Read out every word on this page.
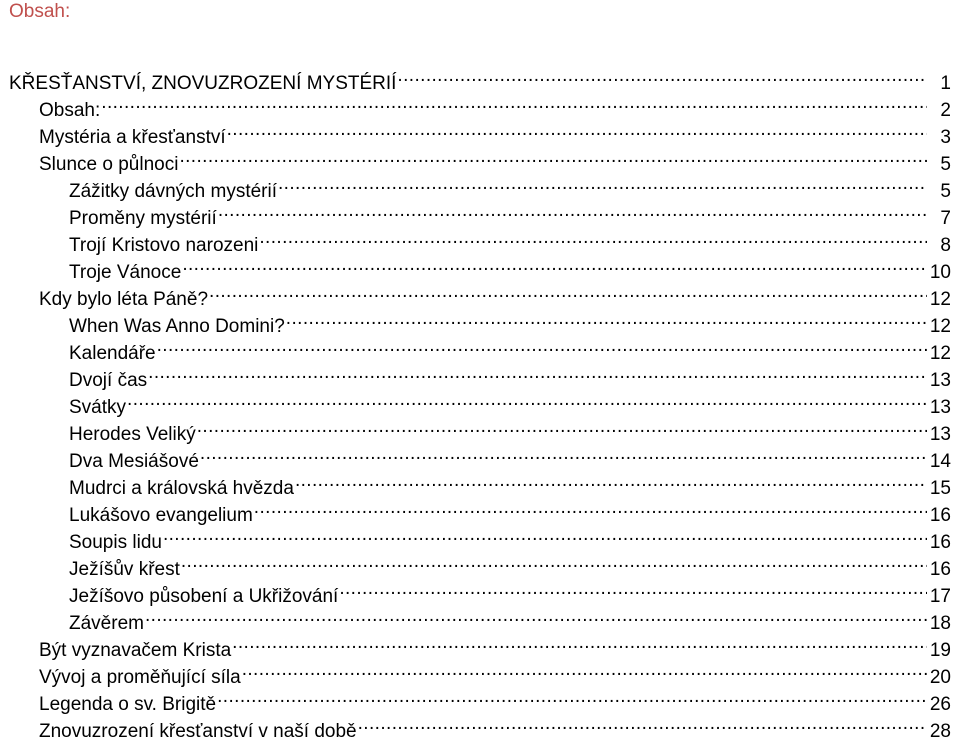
Obsah:
KŘESŤANSTVÍ, ZNOVUZROZENÍ MYSTÉRIÍ .....	1
Obsah: .....	2
Mystéria a křesťanství .....	3
Slunce o půlnoci .....	5
Zážitky dávných mystérií .....	5
Proměny mystérií .....	7
Trojí Kristovo narozeni .....	8
Troje Vánoce .....	10
Kdy bylo léta Páně? .....	12
When Was Anno Domini? .....	12
Kalendáře .....	12
Dvojí čas .....	13
Svátky .....	13
Herodes Veliký .....	13
Dva Mesiášové .....	14
Mudrci a královská hvězda .....	15
Lukášovo evangelium .....	16
Soupis lidu .....	16
Ježíšův křest .....	16
Ježíšovo působení a Ukřižování .....	17
Závěrem .....	18
Být vyznavačem Krista .....	19
Vývoj a proměňující síla .....	20
Legenda o sv. Brigitě .....	26
Znovuzrození křesťanství v naší době .....	28
